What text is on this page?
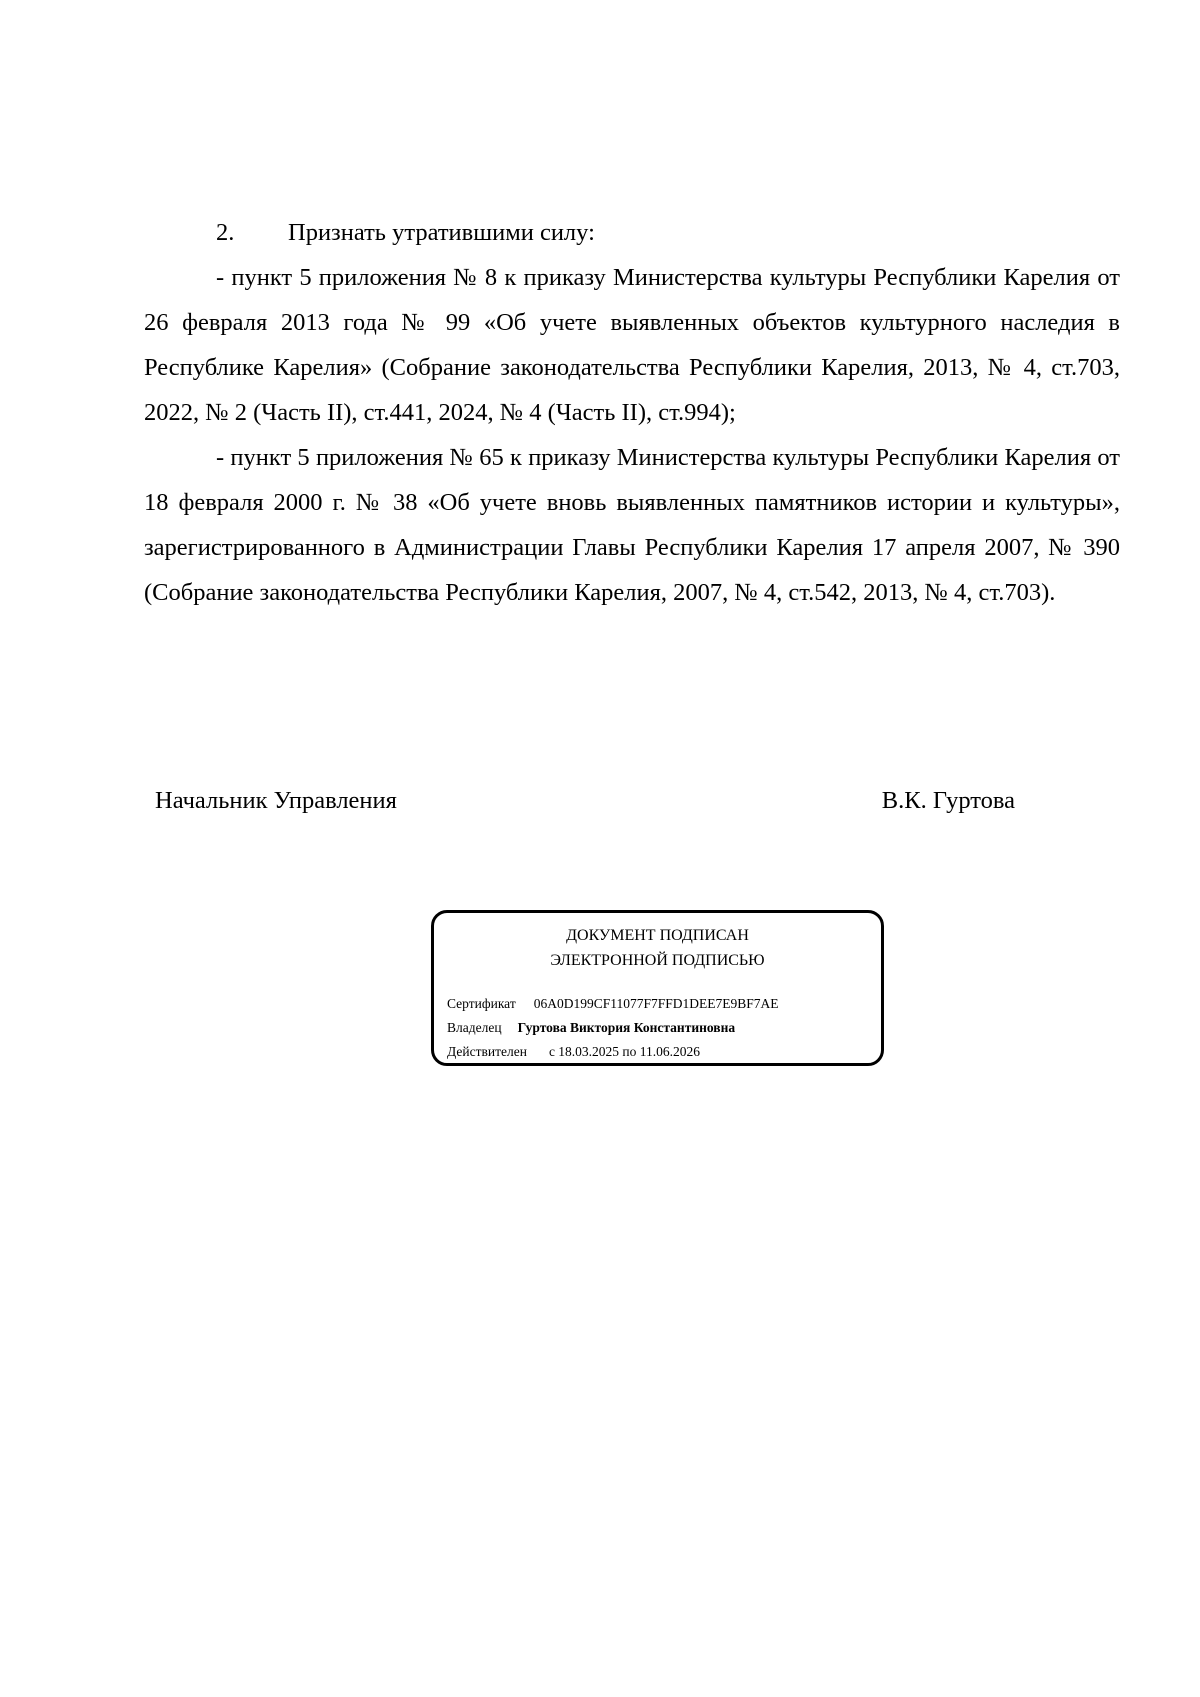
2. Признать утратившими силу:

- пункт 5 приложения № 8 к приказу Министерства культуры Республики Карелия от 26 февраля 2013 года № 99 «Об учете выявленных объектов культурного наследия в Республике Карелия» (Собрание законодательства Республики Карелия, 2013, № 4, ст.703, 2022, № 2 (Часть II), ст.441, 2024, № 4 (Часть II), ст.994);

- пункт 5 приложения № 65 к приказу Министерства культуры Республики Карелия от 18 февраля 2000 г. № 38 «Об учете вновь выявленных памятников истории и культуры», зарегистрированного в Администрации Главы Республики Карелия 17 апреля 2007, № 390 (Собрание законодательства Республики Карелия, 2007, № 4, ст.542, 2013, № 4, ст.703).

Начальник Управления	В.К. Гуртова
ДОКУМЕНТ ПОДПИСАН
ЭЛЕКТРОННОЙ ПОДПИСЬЮ
Сертификат 06A0D199CF11077F7FFD1DEE7E9BF7AE
Владелец Гуртова Виктория Константиновна
Действителен с 18.03.2025 по 11.06.2026
